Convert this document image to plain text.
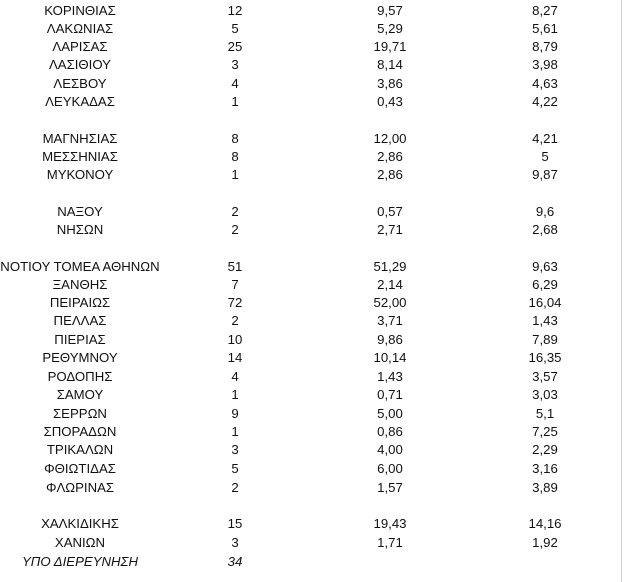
ΚΟΡΙΝΘΙΑΣ	12	9,57	8,27
ΛΑΚΩΝΙΑΣ	5	5,29	5,61
ΛΑΡΙΣΑΣ	25	19,71	8,79
ΛΑΣΙΘΙΟΥ	3	8,14	3,98
ΛΕΣΒΟΥ	4	3,86	4,63
ΛΕΥΚΑΔΑΣ	1	0,43	4,22
ΜΑΓΝΗΣΙΑΣ	8	12,00	4,21
ΜΕΣΣΗΝΙΑΣ	8	2,86	5
ΜΥΚΟΝΟΥ	1	2,86	9,87
ΝΑΞΟΥ	2	0,57	9,6
ΝΗΣΩΝ	2	2,71	2,68
ΝΟΤΙΟΥ ΤΟΜΕΑ ΑΘΗΝΩΝ	51	51,29	9,63
ΞΑΝΘΗΣ	7	2,14	6,29
ΠΕΙΡΑΙΩΣ	72	52,00	16,04
ΠΕΛΛΑΣ	2	3,71	1,43
ΠΙΕΡΙΑΣ	10	9,86	7,89
ΡΕΘΥΜΝΟΥ	14	10,14	16,35
ΡΟΔΟΠΗΣ	4	1,43	3,57
ΣΑΜΟΥ	1	0,71	3,03
ΣΕΡΡΩΝ	9	5,00	5,1
ΣΠΟΡΑΔΩΝ	1	0,86	7,25
ΤΡΙΚΑΛΩΝ	3	4,00	2,29
ΦΘΙΩΤΙΔΑΣ	5	6,00	3,16
ΦΛΩΡΙΝΑΣ	2	1,57	3,89
ΧΑΛΚΙΔΙΚΗΣ	15	19,43	14,16
ΧΑΝΙΩΝ	3	1,71	1,92
ΥΠΟ ΔΙΕΡΕΥΝΗΣΗ	34
